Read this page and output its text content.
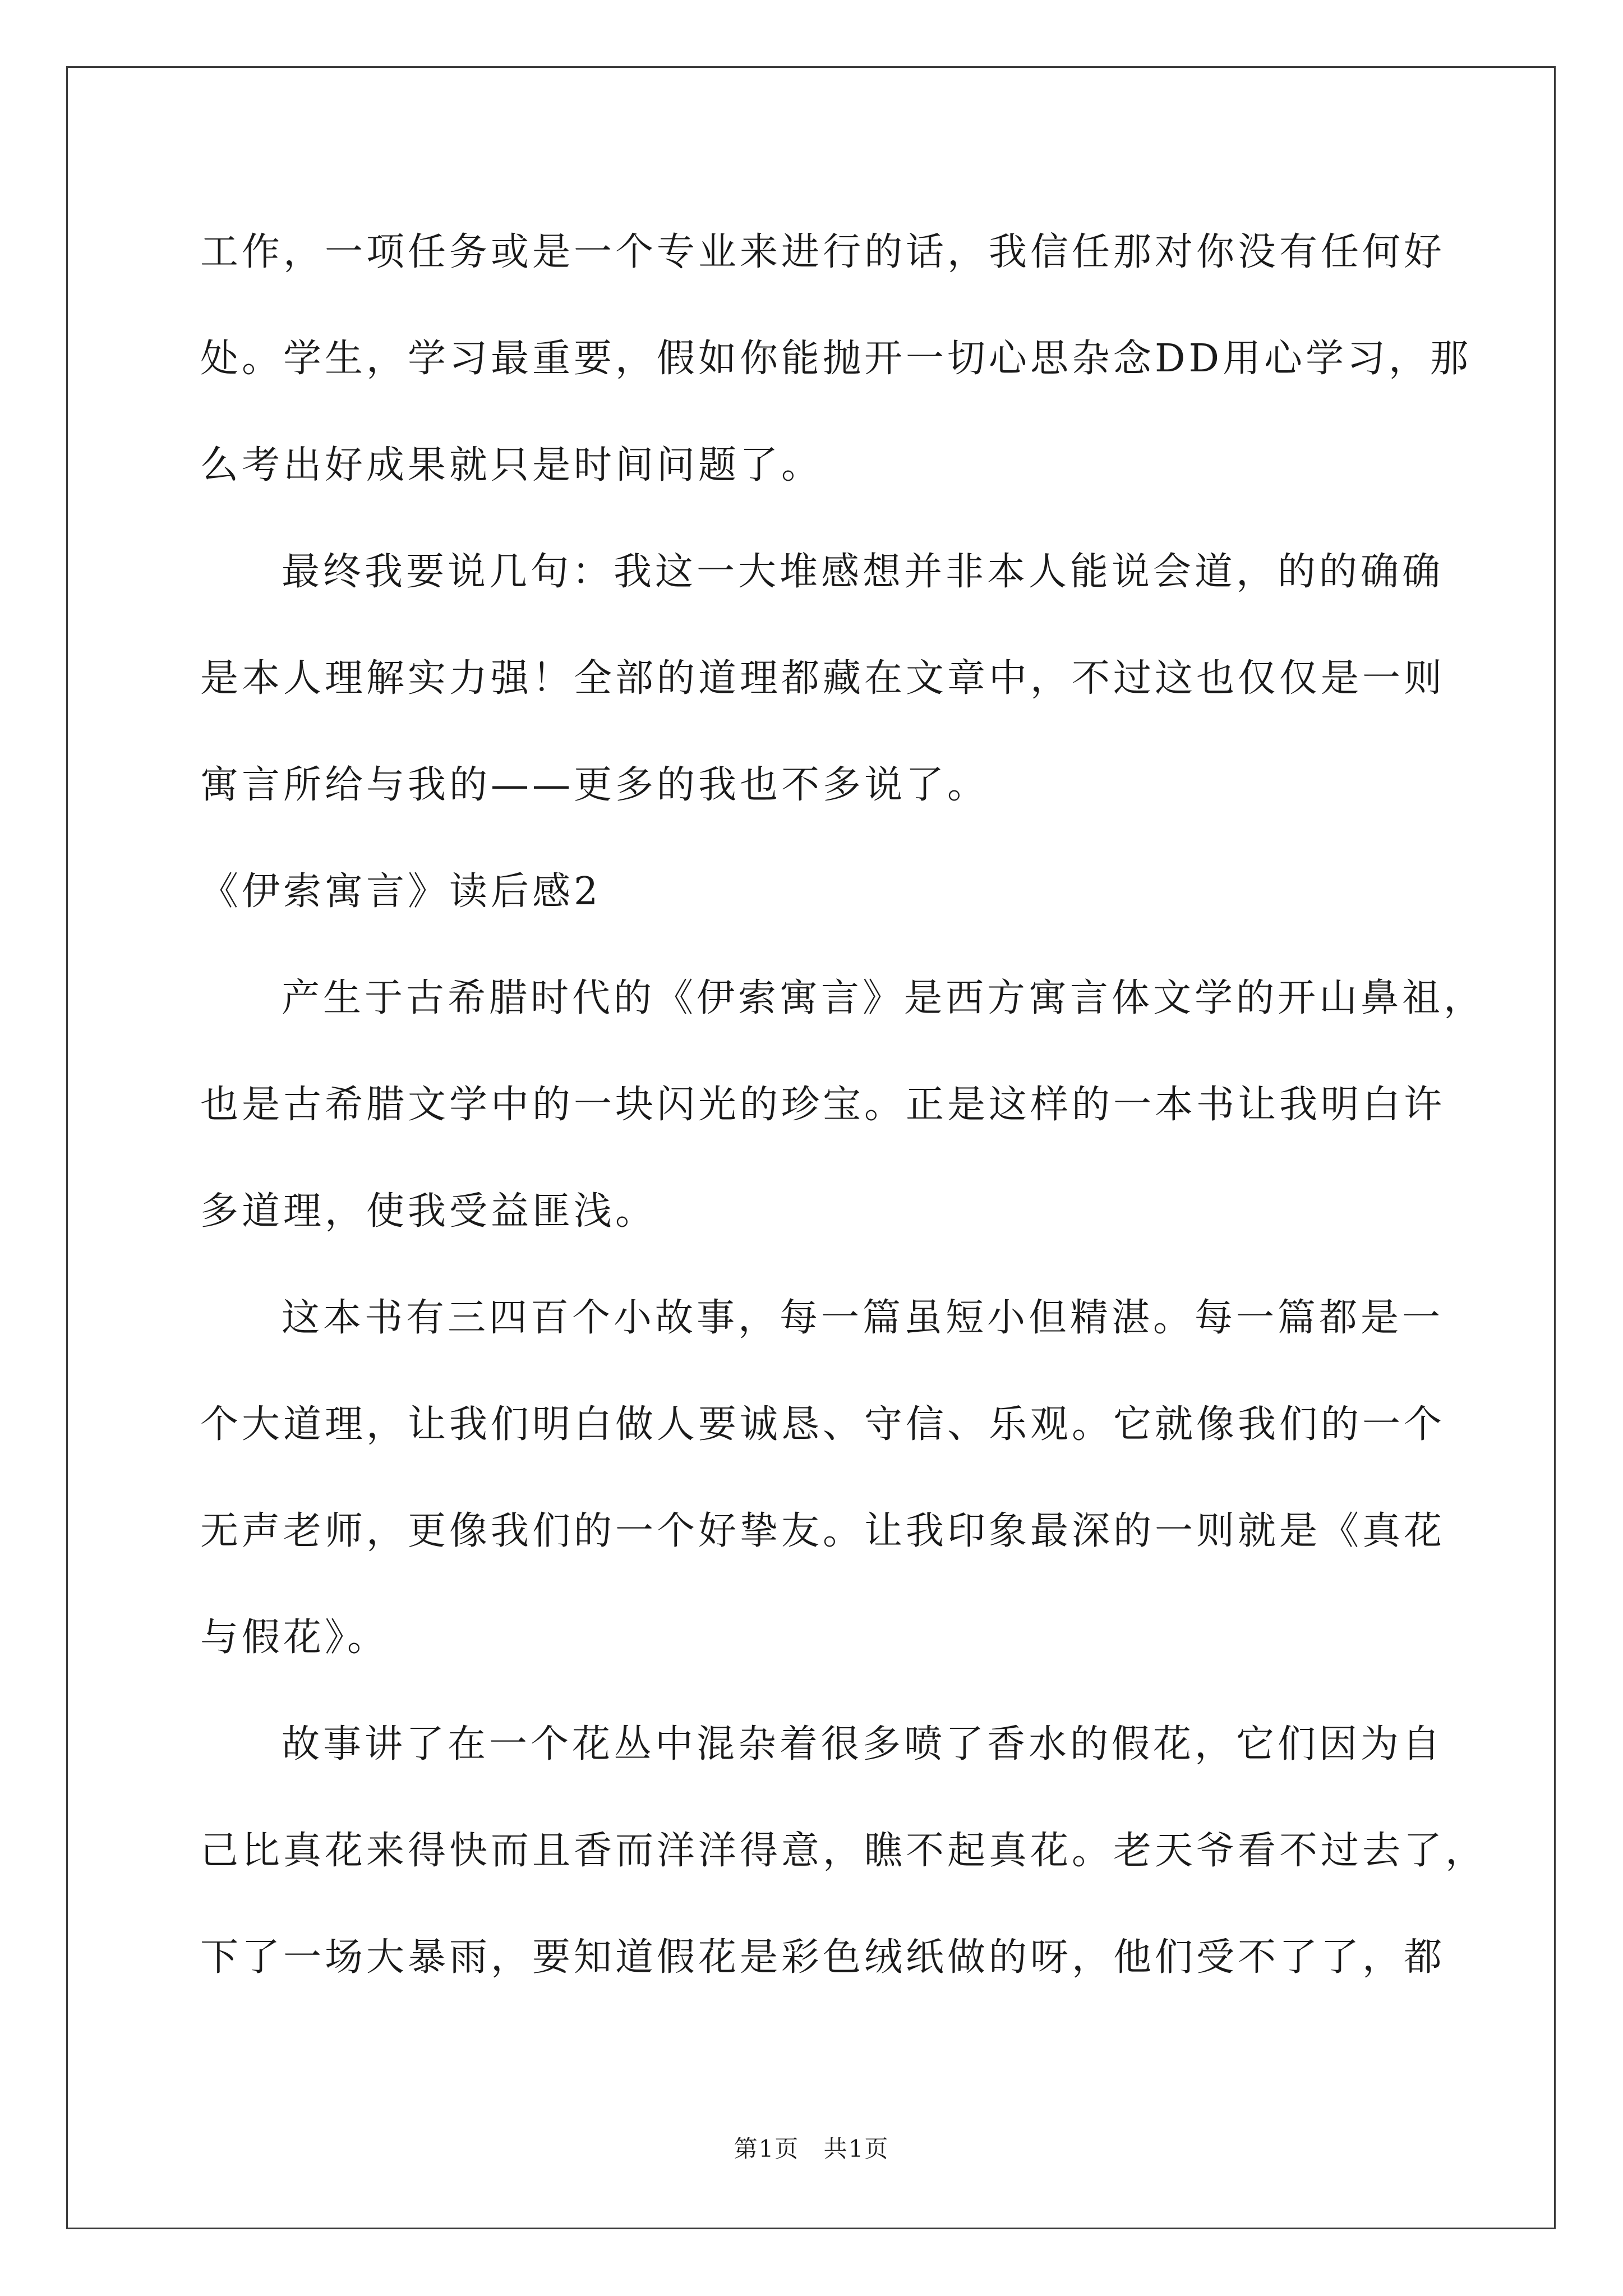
工作，一项任务或是一个专业来进行的话，我信任那对你没有任何好
处。学生，学习最重要，假如你能抛开一切心思杂念DD用心学习，那
么考出好成果就只是时间问题了。
最终我要说几句：我这一大堆感想并非本人能说会道，的的确确
是本人理解实力强！全部的道理都藏在文章中，不过这也仅仅是一则
寓言所给与我的——更多的我也不多说了。
《伊索寓言》读后感2
产生于古希腊时代的《伊索寓言》是西方寓言体文学的开山鼻祖，
也是古希腊文学中的一块闪光的珍宝。正是这样的一本书让我明白许
多道理，使我受益匪浅。
这本书有三四百个小故事，每一篇虽短小但精湛。每一篇都是一
个大道理，让我们明白做人要诚恳、守信、乐观。它就像我们的一个
无声老师，更像我们的一个好挚友。让我印象最深的一则就是《真花
与假花》。
故事讲了在一个花丛中混杂着很多喷了香水的假花，它们因为自
己比真花来得快而且香而洋洋得意，瞧不起真花。老天爷看不过去了，
下了一场大暴雨，要知道假花是彩色绒纸做的呀，他们受不了了，都
第1页 共1页
